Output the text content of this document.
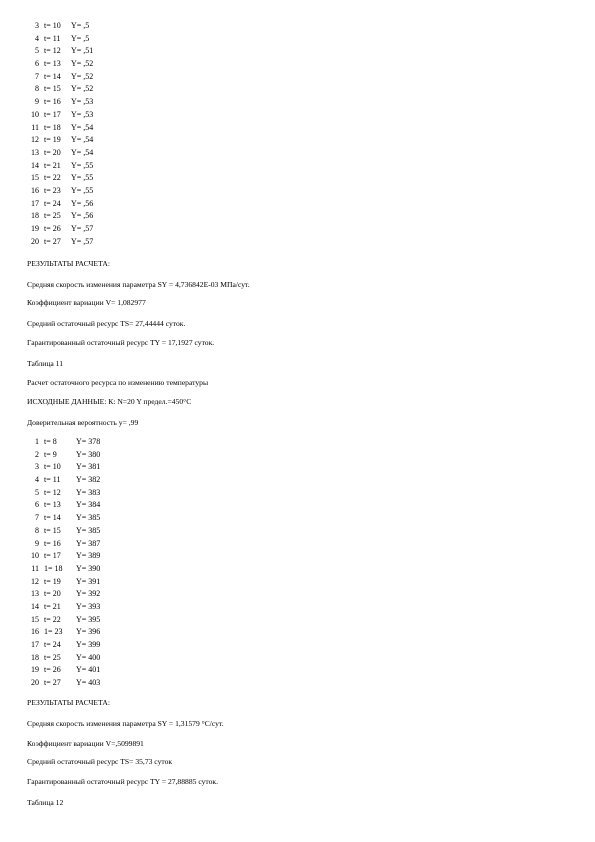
3 t= 10 Y= ,5
4 t= 11 Y= ,5
5 t= 12 Y= ,51
6 t= 13 Y= ,52
7 t= 14 Y= ,52
8 t= 15 Y= ,52
9 t= 16 Y= ,53
10 t= 17 Y= ,53
11 t= 18 Y= ,54
12 t= 19 Y= ,54
13 t= 20 Y= ,54
14 t= 21 Y= ,55
15 t= 22 Y= ,55
16 t= 23 Y= ,55
17 t= 24 Y= ,56
18 t= 25 Y= ,56
19 t= 26 Y= ,57
20 t= 27 Y= ,57
РЕЗУЛЬТАТЫ РАСЧЕТА:
Средняя скорость изменения параметра SY = 4,736842E-03 МПа/сут.
Коэффициент вариации V= 1,082977
Средний остаточный ресурс TS= 27,44444 суток.
Гарантированный остаточный ресурс TY = 17,1927 суток.
Таблица 11
Расчет остаточного ресурса по изменению температуры
ИСХОДНЫЕ ДАННЫЕ: К: N=20 Y предел.=450°С
Доверительная вероятность y= ,99
1 t= 8 Y= 378
2 t= 9 Y= 380
3 t= 10 Y= 381
4 t= 11 Y= 382
5 t= 12 Y= 383
6 t= 13 Y= 384
7 t= 14 Y= 385
8 t= 15 Y= 385
9 t= 16 Y= 387
10 t= 17 Y= 389
11 1= 18 Y= 390
12 t= 19 Y= 391
13 t= 20 Y= 392
14 t= 21 Y= 393
15 t= 22 Y= 395
16 1= 23 Y= 396
17 t= 24 Y= 399
18 t= 25 Y= 400
19 t= 26 Y= 401
20 t= 27 Y= 403
РЕЗУЛЬТАТЫ РАСЧЕТА:
Средняя скорость изменения параметра SY = 1,31579 °С/сут.
Коэффициент вариации V=,5099891
Средний остаточный ресурс TS= 35,73 суток
Гарантированный остаточный ресурс TY = 27,88885 суток.
Таблица 12
